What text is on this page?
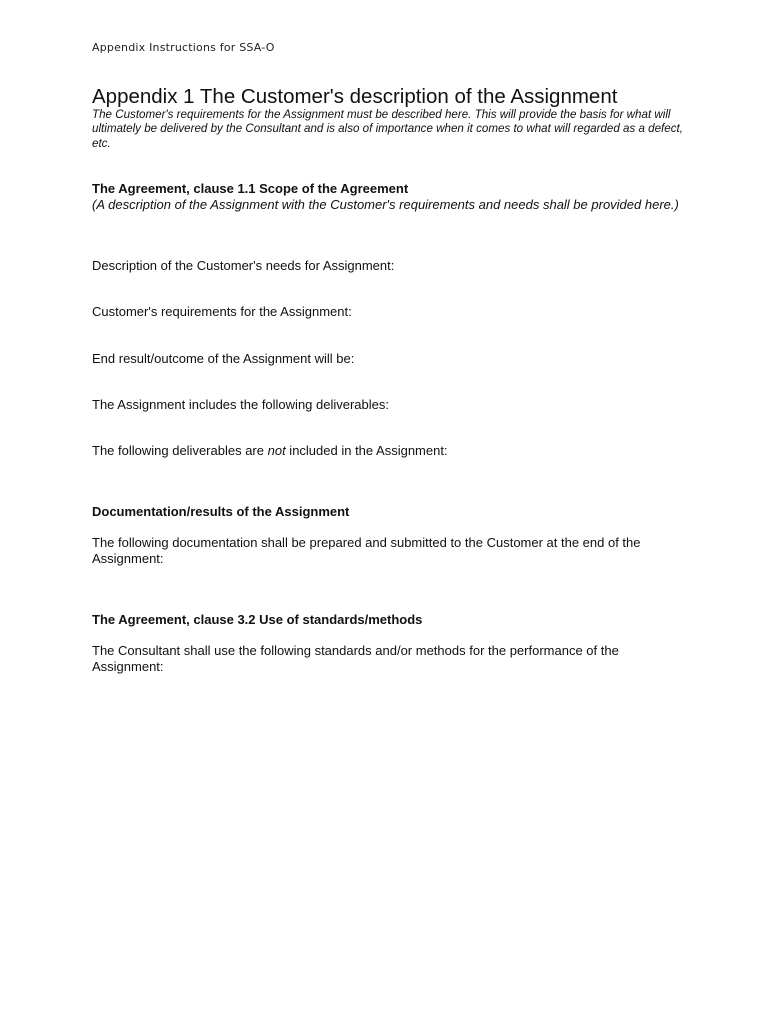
Appendix Instructions for SSA-O
Appendix 1 The Customer's description of the Assignment
The Customer's requirements for the Assignment must be described here. This will provide the basis for what will ultimately be delivered by the Consultant and is also of importance when it comes to what will regarded as a defect, etc.
The Agreement, clause 1.1 Scope of the Agreement
(A description of the Assignment with the Customer's requirements and needs shall be provided here.)
Description of the Customer's needs for Assignment:
Customer's requirements for the Assignment:
End result/outcome of the Assignment will be:
The Assignment includes the following deliverables:
The following deliverables are not included in the Assignment:
Documentation/results of the Assignment
The following documentation shall be prepared and submitted to the Customer at the end of the Assignment:
The Agreement, clause 3.2 Use of standards/methods
The Consultant shall use the following standards and/or methods for the performance of the Assignment:
